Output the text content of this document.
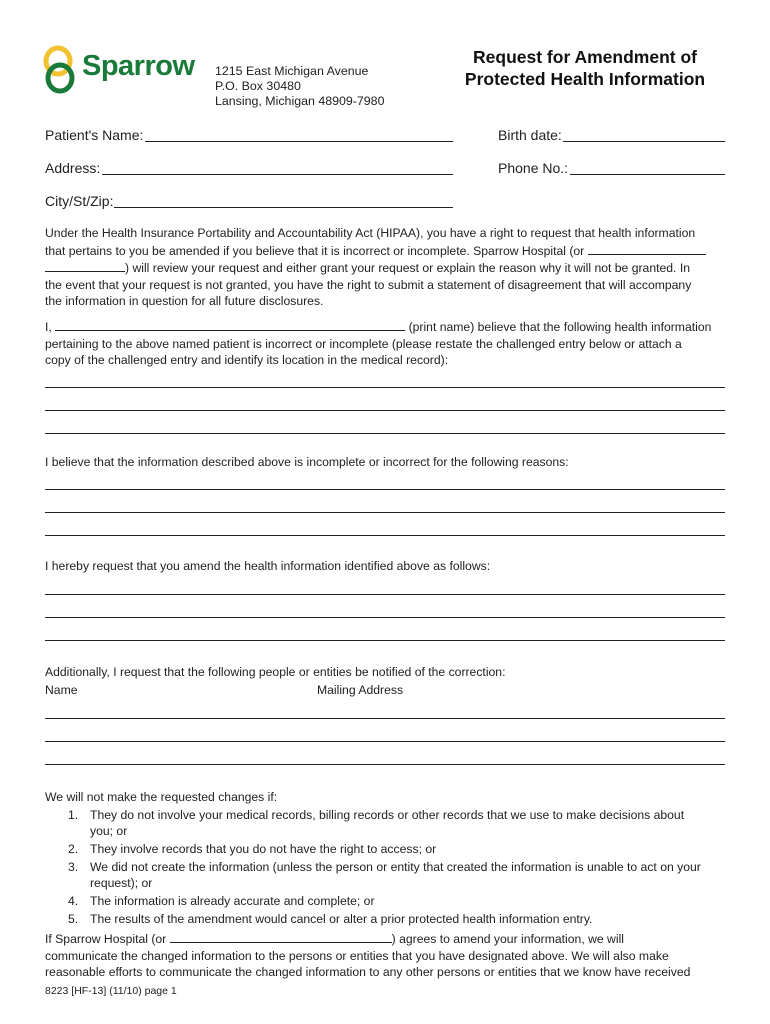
Sparrow 1215 East Michigan Avenue
P.O. Box 30480
Lansing, Michigan 48909-7980
Request for Amendment of
Protected Health Information
Patient's Name:	Birth date:
Address:	Phone No.:
City/St/Zip:
Under the Health Insurance Portability and Accountability Act (HIPAA), you have a right to request that health information
that pertains to you be amended if you believe that it is incorrect or incomplete. Sparrow Hospital (or
) will review your request and either grant your request or explain the reason why it will not be granted. In
the event that your request is not granted, you have the right to submit a statement of disagreement that will accompany
the information in question for all future disclosures.
I,	(print name) believe that the following health information
pertaining to the above named patient is incorrect or incomplete (please restate the challenged entry below or attach a
copy of the challenged entry and identify its location in the medical record):
I believe that the information described above is incomplete or incorrect for the following reasons:
I hereby request that you amend the health information identified above as follows:
Additionally, I request that the following people or entities be notified of the correction:
Name	Mailing Address
We will not make the requested changes if:
1. They do not involve your medical records, billing records or other records that we use to make decisions about
you; or
2. They involve records that you do not have the right to access; or
3. We did not create the information (unless the person or entity that created the information is unable to act on your
request); or
4. The information is already accurate and complete; or
5. The results of the amendment would cancel or alter a prior protected health information entry.
If Sparrow Hospital (or	) agrees to amend your information, we will
communicate the changed information to the persons or entities that you have designated above. We will also make
reasonable efforts to communicate the changed information to any other persons or entities that we know have received
8223 [HF-13] (11/10) page 1
